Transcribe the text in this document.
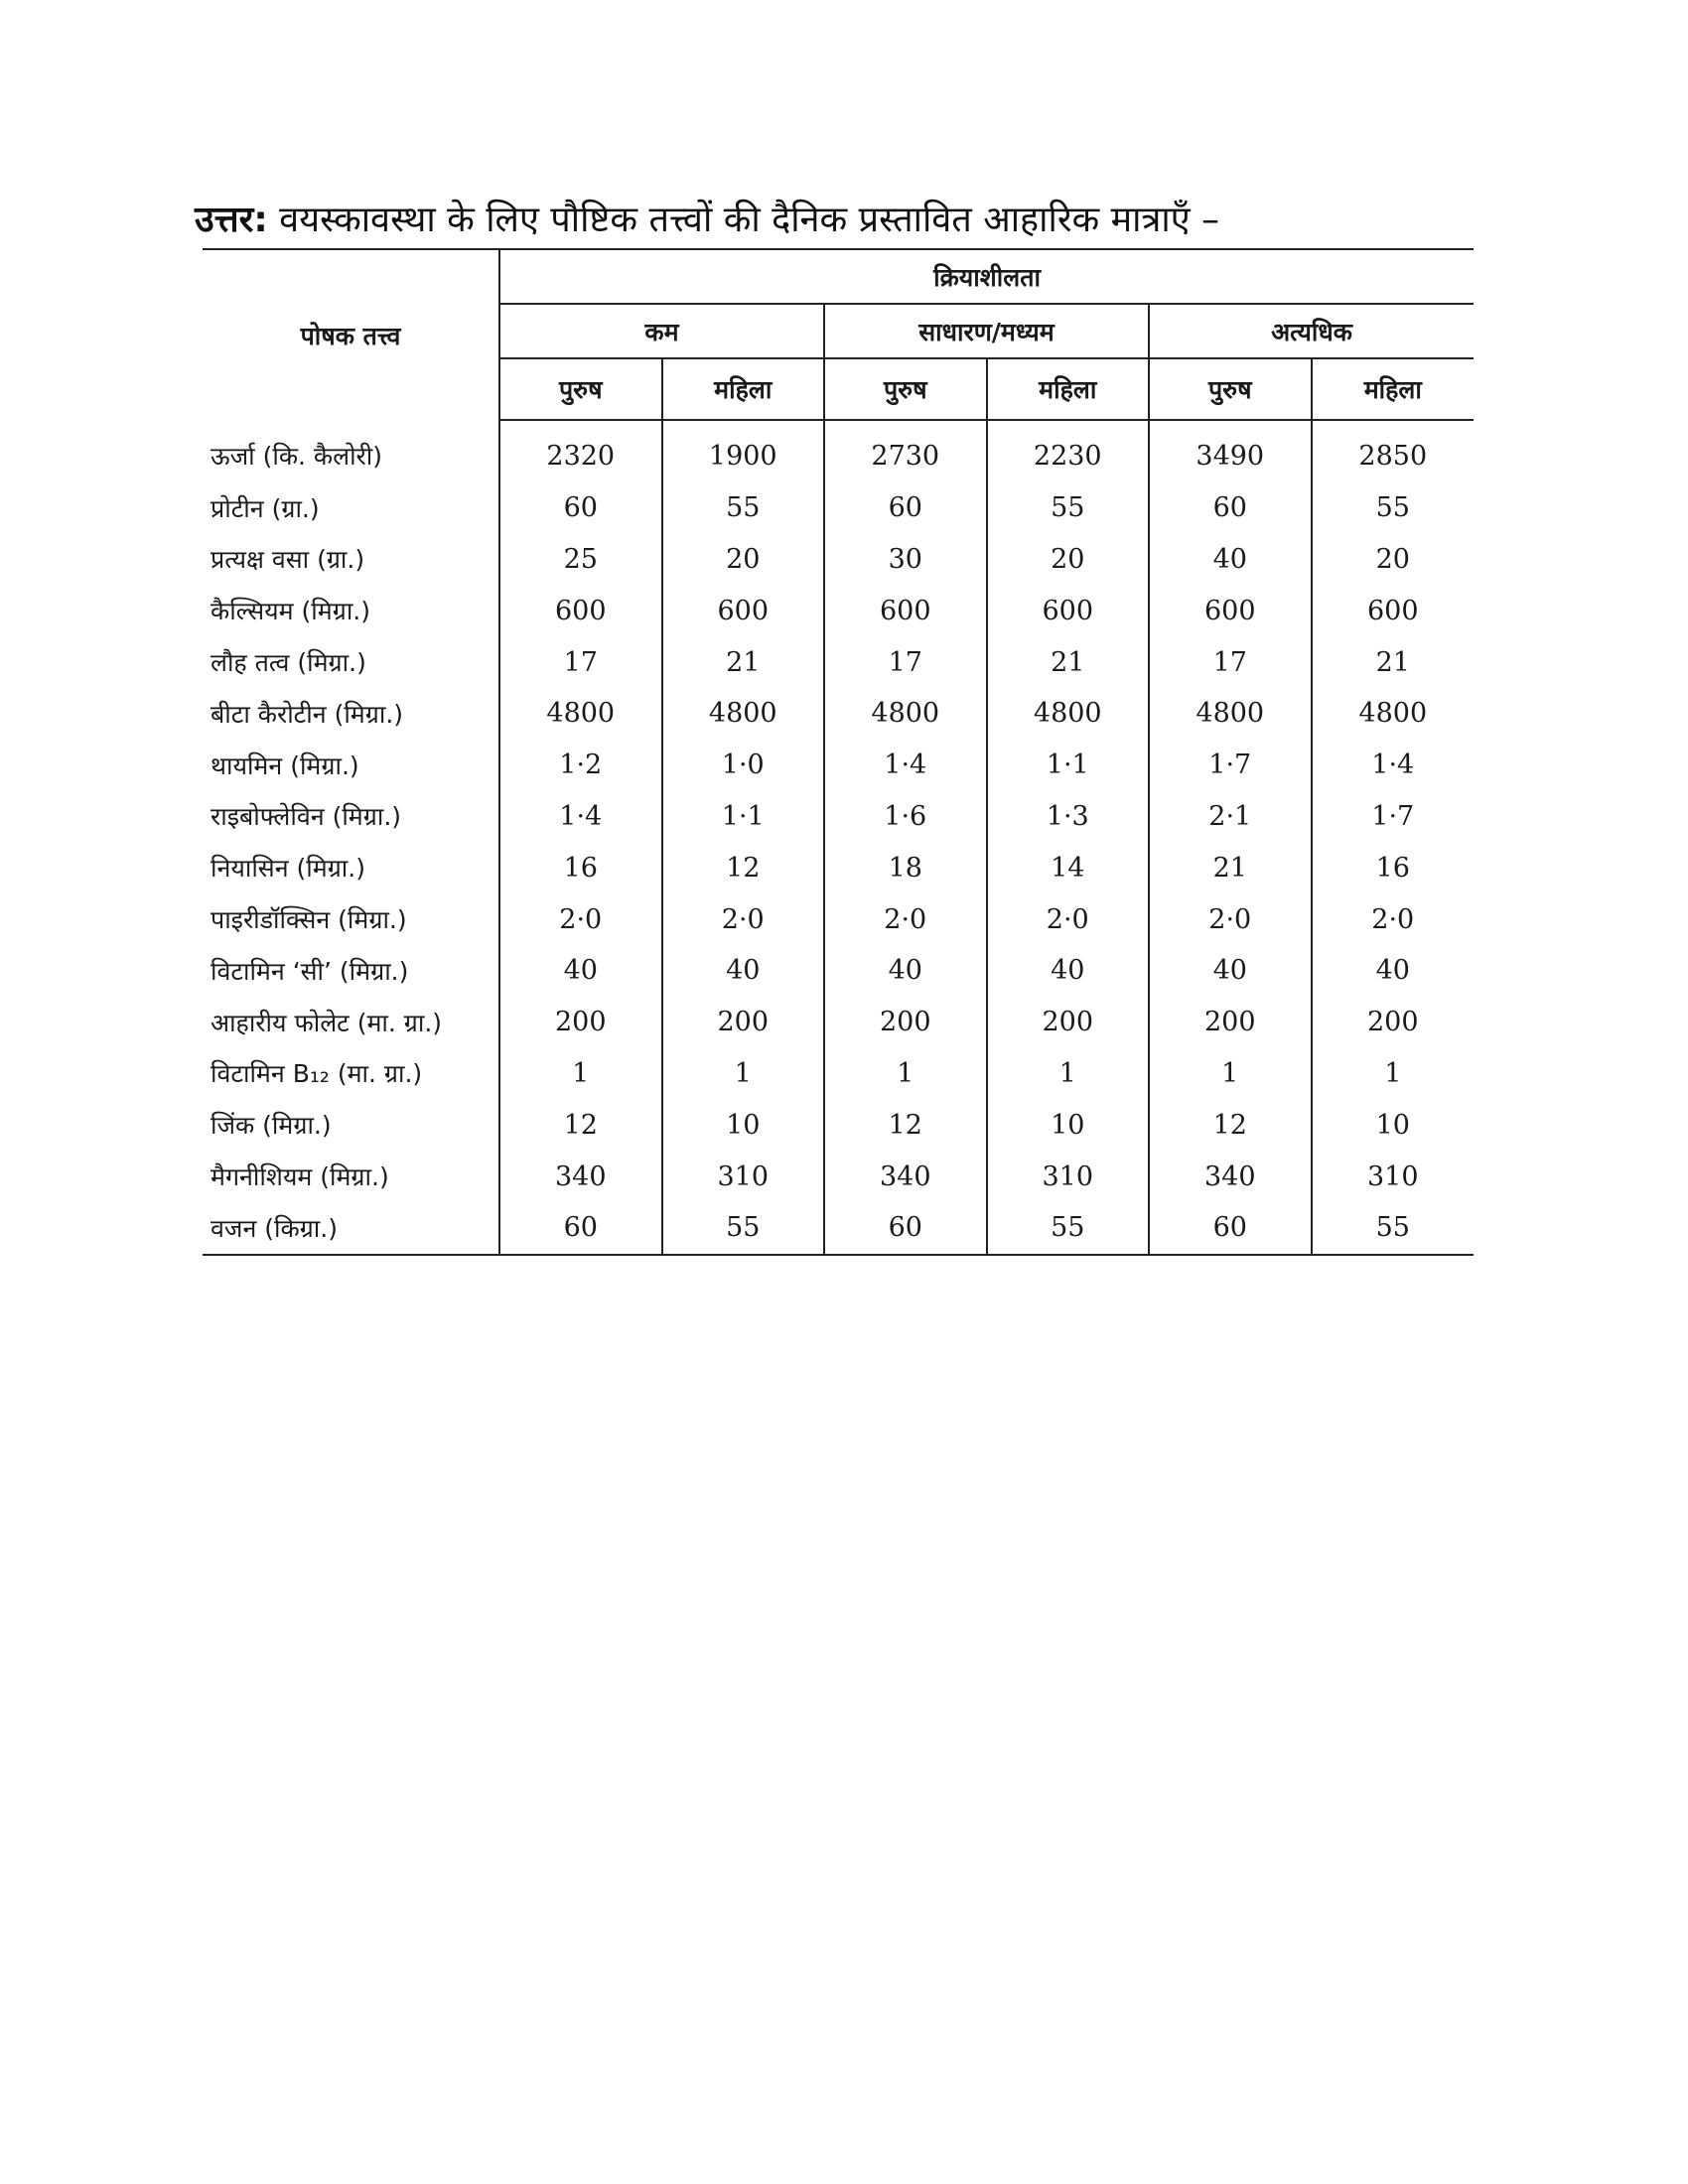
उत्तर: वयस्कावस्था के लिए पौष्टिक तत्त्वों की दैनिक प्रस्तावित आहारिक मात्राएँ –
पोषक तत्त्व	क्रियाशीलता					
	कम		साधारण/मध्यम		अत्यधिक	
	पुरुष	महिला	पुरुष	महिला	पुरुष	महिला
ऊर्जा (कि. कैलोरी)	2320	1900	2730	2230	3490	2850
प्रोटीन (ग्रा.)	60	55	60	55	60	55
प्रत्यक्ष वसा (ग्रा.)	25	20	30	20	40	20
कैल्सियम (मिग्रा.)	600	600	600	600	600	600
लौह तत्व (मिग्रा.)	17	21	17	21	17	21
बीटा कैरोटीन (मिग्रा.)	4800	4800	4800	4800	4800	4800
थायमिन (मिग्रा.)	1·2	1·0	1·4	1·1	1·7	1·4
राइबोफ्लेविन (मिग्रा.)	1·4	1·1	1·6	1·3	2·1	1·7
नियासिन (मिग्रा.)	16	12	18	14	21	16
पाइरीडॉक्सिन (मिग्रा.)	2·0	2·0	2·0	2·0	2·0	2·0
विटामिन ‘सी’ (मिग्रा.)	40	40	40	40	40	40
आहारीय फोलेट (मा. ग्रा.)	200	200	200	200	200	200
विटामिन B₁₂ (मा. ग्रा.)	1	1	1	1	1	1
जिंक (मिग्रा.)	12	10	12	10	12	10
मैगनीशियम (मिग्रा.)	340	310	340	310	340	310
वजन (किग्रा.)	60	55	60	55	60	55
